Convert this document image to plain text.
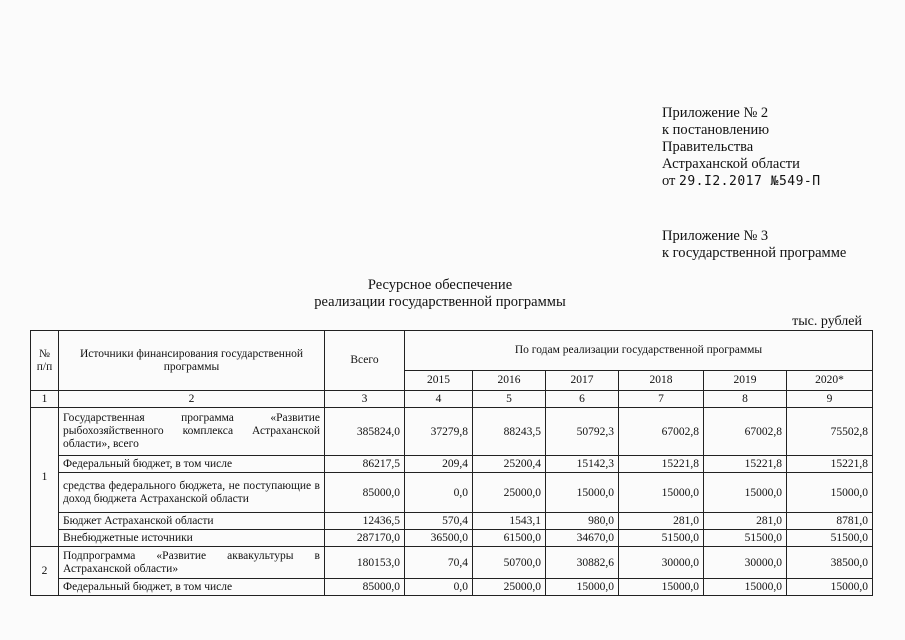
Приложение № 2
к постановлению
Правительства
Астраханской области
от 29.I2.2017 №549-П
Приложение № 3
к государственной программе
Ресурсное обеспечение
реализации государственной программы
тыс. рублей
№ п/п	Источники финансирования государственной программы	Всего	По годам реализации государственной программы					
			2015	2016	2017	2018	2019	2020*
1	2	3	4	5	6	7	8	9
1	Государственная программа «Развитие рыбохозяйственного комплекса Астраханской области», всего	385824,0	37279,8	88243,5	50792,3	67002,8	67002,8	75502,8
	Федеральный бюджет, в том числе	86217,5	209,4	25200,4	15142,3	15221,8	15221,8	15221,8
	средства федерального бюджета, не поступающие в доход бюджета Астраханской области	85000,0	0,0	25000,0	15000,0	15000,0	15000,0	15000,0
	Бюджет Астраханской области	12436,5	570,4	1543,1	980,0	281,0	281,0	8781,0
	Внебюджетные источники	287170,0	36500,0	61500,0	34670,0	51500,0	51500,0	51500,0
2	Подпрограмма «Развитие аквакультуры в Астраханской области»	180153,0	70,4	50700,0	30882,6	30000,0	30000,0	38500,0
	Федеральный бюджет, в том числе	85000,0	0,0	25000,0	15000,0	15000,0	15000,0	15000,0
